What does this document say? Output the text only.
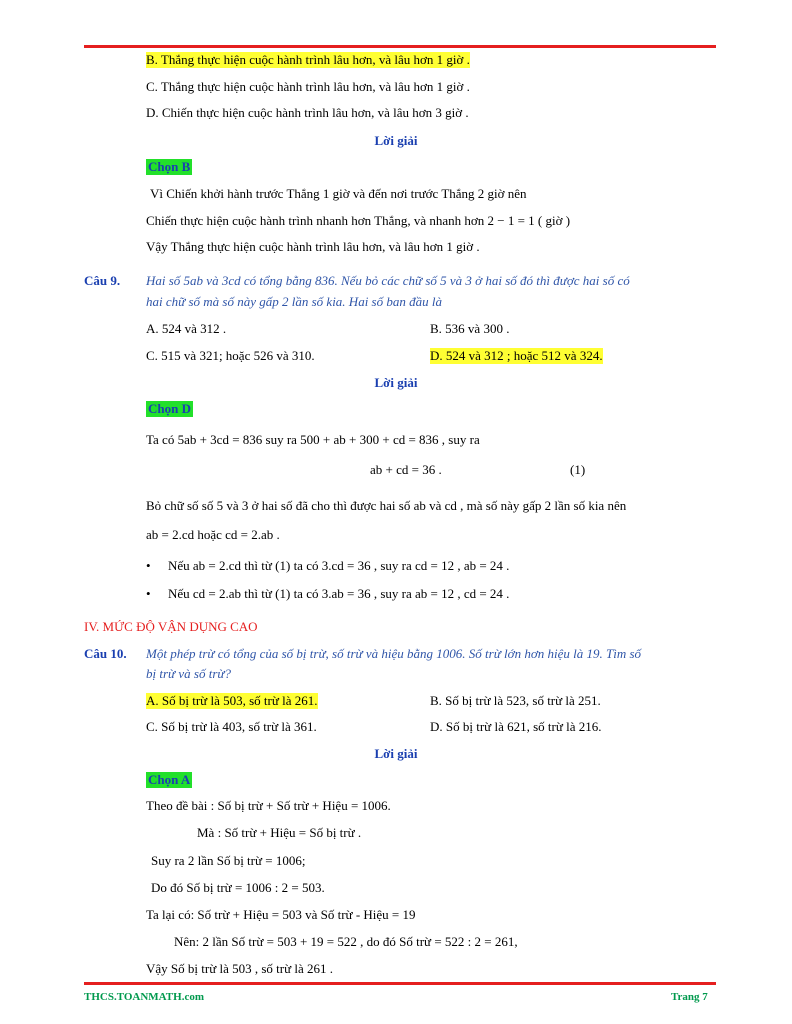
B. Thắng thực hiện cuộc hành trình lâu hơn, và lâu hơn 1 giờ .
C. Thắng thực hiện cuộc hành trình lâu hơn, và lâu hơn 1 giờ .
D. Chiến thực hiện cuộc hành trình lâu hơn, và lâu hơn 3 giờ .
Lời giải
Chọn B
Vì Chiến khởi hành trước Thắng 1 giờ và đến nơi trước Thắng 2 giờ nên
Chiến thực hiện cuộc hành trình nhanh hơn Thắng, và nhanh hơn 2 − 1 = 1 ( giờ )
Vậy Thắng thực hiện cuộc hành trình lâu hơn, và lâu hơn 1 giờ .
Câu 9. Hai số 5ab và 3cd có tổng bằng 836. Nếu bỏ các chữ số 5 và 3 ở hai số đó thì được hai số có
hai chữ số mà số này gấp 2 lần số kia. Hai số ban đầu là
A. 524 và 312 .	B. 536 và 300 .
C. 515 và 321; hoặc 526 và 310.	D. 524 và 312 ; hoặc 512 và 324.
Lời giải
Chọn D
Ta có 5ab + 3cd = 836 suy ra 500 + ab + 300 + cd = 836 , suy ra
ab + cd = 36 .	(1)
Bỏ chữ số số 5 và 3 ở hai số đã cho thì được hai số ab và cd , mà số này gấp 2 lần số kia nên
ab = 2.cd hoặc cd = 2.ab .
• Nếu ab = 2.cd thì từ (1) ta có 3.cd = 36 , suy ra cd = 12 , ab = 24 .
• Nếu cd = 2.ab thì từ (1) ta có 3.ab = 36 , suy ra ab = 12 , cd = 24 .
IV. MỨC ĐỘ VẬN DỤNG CAO
Câu 10. Một phép trừ có tổng của số bị trừ, số trừ và hiệu bằng 1006. Số trừ lớn hơn hiệu là 19. Tìm số
bị trừ và số trừ?
A. Số bị trừ là 503, số trừ là 261.	B. Số bị trừ là 523, số trừ là 251.
C. Số bị trừ là 403, số trừ là 361.	D. Số bị trừ là 621, số trừ là 216.
Lời giải
Chọn A
Theo đề bài : Số bị trừ + Số trừ + Hiệu = 1006.
Mà : Số trừ + Hiệu = Số bị trừ .
Suy ra 2 lần Số bị trừ = 1006;
Do đó Số bị trừ = 1006 : 2 = 503.
Ta lại có: Số trừ + Hiệu = 503 và Số trừ - Hiệu = 19
Nên: 2 lần Số trừ = 503 + 19 = 522 , do đó Số trừ = 522 : 2 = 261,
Vậy Số bị trừ là 503 , số trừ là 261 .
THCS.TOANMATH.com	Trang 7
